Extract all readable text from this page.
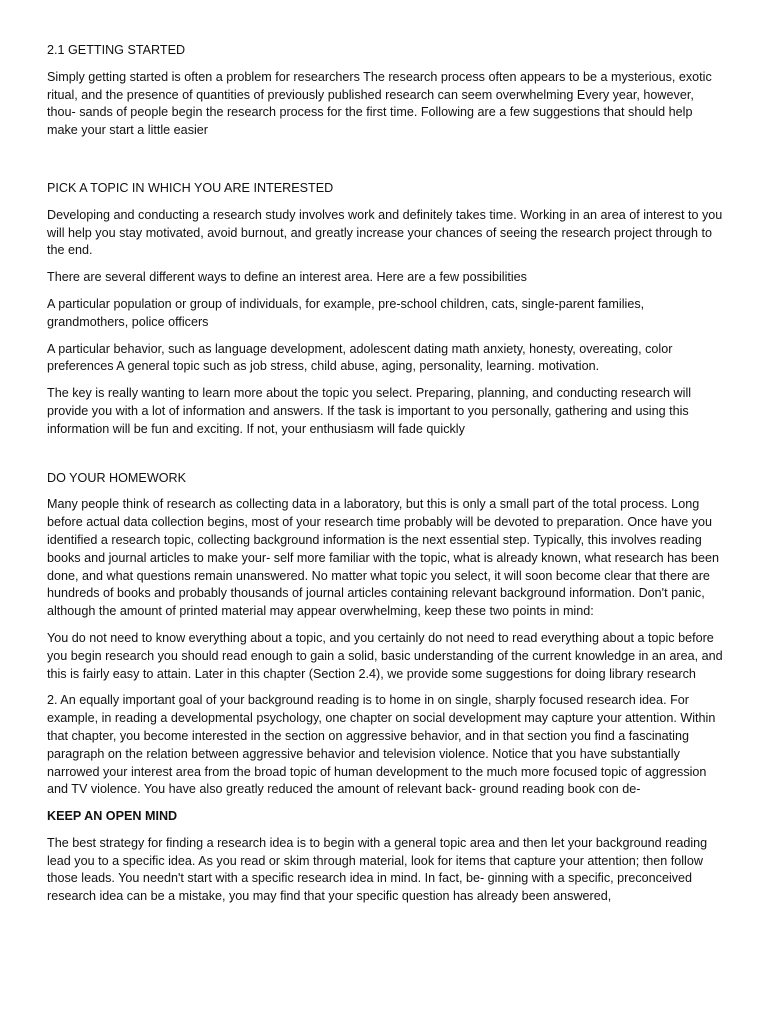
2.1 GETTING STARTED

Simply getting started is often a problem for researchers The research process often appears to be a mysterious, exotic ritual, and the presence of quantities of previously published research can seem overwhelming Every year, however, thou- sands of people begin the research process for the first time. Following are a few suggestions that should help make your start a little easier

PICK A TOPIC IN WHICH YOU ARE INTERESTED

Developing and conducting a research study involves work and definitely takes time. Working in an area of interest to you will help you stay motivated, avoid burnout, and greatly increase your chances of seeing the research project through to the end.

There are several different ways to define an interest area. Here are a few possibilities

A particular population or group of individuals, for example, pre-school children, cats, single-parent families, grandmothers, police officers

A particular behavior, such as language development, adolescent dating math anxiety, honesty, overeating, color preferences A general topic such as job stress, child abuse, aging, personality, learning. motivation.

The key is really wanting to learn more about the topic you select. Preparing, planning, and conducting research will provide you with a lot of information and answers. If the task is important to you personally, gathering and using this information will be fun and exciting. If not, your enthusiasm will fade quickly

DO YOUR HOMEWORK

Many people think of research as collecting data in a laboratory, but this is only a small part of the total process. Long before actual data collection begins, most of your research time probably will be devoted to preparation. Once have you identified a research topic, collecting background information is the next essential step. Typically, this involves reading books and journal articles to make your- self more familiar with the topic, what is already known, what research has been done, and what questions remain unanswered. No matter what topic you select, it will soon become clear that there are hundreds of books and probably thousands of journal articles containing relevant background information. Don't panic, although the amount of printed material may appear overwhelming, keep these two points in mind:

You do not need to know everything about a topic, and you certainly do not need to read everything about a topic before you begin research you should read enough to gain a solid, basic understanding of the current knowledge in an area, and this is fairly easy to attain. Later in this chapter (Section 2.4), we provide some suggestions for doing library research

2. An equally important goal of your background reading is to home in on single, sharply focused research idea. For example, in reading a developmental psychology, one chapter on social development may capture your attention. Within that chapter, you become interested in the section on aggressive behavior, and in that section you find a fascinating paragraph on the relation between aggressive behavior and television violence. Notice that you have substantially narrowed your interest area from the broad topic of human development to the much more focused topic of aggression and TV violence. You have also greatly reduced the amount of relevant back- ground reading book con de-

KEEP AN OPEN MIND

The best strategy for finding a research idea is to begin with a general topic area and then let your background reading lead you to a specific idea. As you read or skim through material, look for items that capture your attention; then follow those leads. You needn't start with a specific research idea in mind. In fact, be- ginning with a specific, preconceived research idea can be a mistake, you may find that your specific question has already been answered,
